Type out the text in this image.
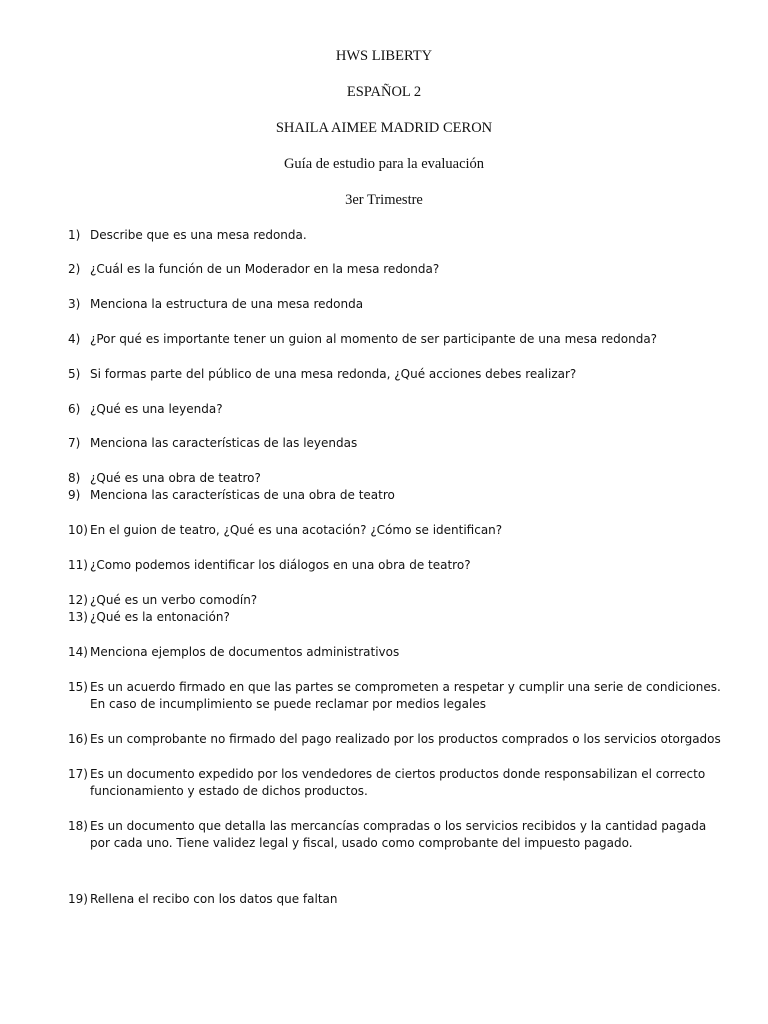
HWS LIBERTY
ESPAÑOL 2
SHAILA AIMEE MADRID CERON
Guía de estudio para la evaluación
3er Trimestre
1) Describe que es una mesa redonda.
2) ¿Cuál es la función de un Moderador en la mesa redonda?
3) Menciona la estructura de una mesa redonda
4) ¿Por qué es importante tener un guion al momento de ser participante de una mesa redonda?
5) Si formas parte del público de una mesa redonda, ¿Qué acciones debes realizar?
6) ¿Qué es una leyenda?
7) Menciona las características de las leyendas
8) ¿Qué es una obra de teatro?
9) Menciona las características de una obra de teatro
10) En el guion de teatro, ¿Qué es una acotación? ¿Cómo se identifican?
11) ¿Como podemos identificar los diálogos en una obra de teatro?
12) ¿Qué es un verbo comodín?
13) ¿Qué es la entonación?
14) Menciona ejemplos de documentos administrativos
15) Es un acuerdo firmado en que las partes se comprometen a respetar y cumplir una serie de condiciones. En caso de incumplimiento se puede reclamar por medios legales
16) Es un comprobante no firmado del pago realizado por los productos comprados o los servicios otorgados
17) Es un documento expedido por los vendedores de ciertos productos donde responsabilizan el correcto funcionamiento y estado de dichos productos.
18) Es un documento que detalla las mercancías compradas o los servicios recibidos y la cantidad pagada por cada uno. Tiene validez legal y fiscal, usado como comprobante del impuesto pagado.
19) Rellena el recibo con los datos que faltan
